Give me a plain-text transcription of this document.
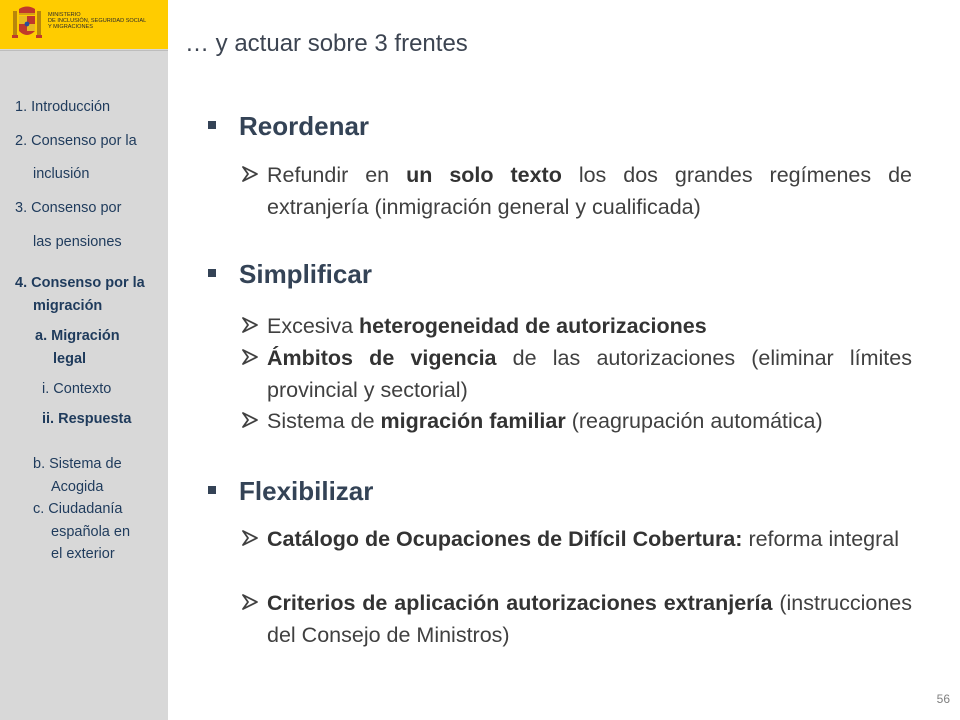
MINISTERIO
DE INCLUSIÓN, SEGURIDAD SOCIAL
Y MIGRACIONES
1. Introducción
2. Consenso por la
inclusión
3. Consenso por
las pensiones
4. Consenso por la
migración
a. Migración
legal
i. Contexto
ii. Respuesta
b. Sistema de
Acogida
c. Ciudadanía
española en
el exterior
… y actuar sobre 3 frentes
Reordenar
Refundir en un solo texto los dos grandes regímenes de extranjería (inmigración general y cualificada)
Simplificar
Excesiva heterogeneidad de autorizaciones
Ámbitos de vigencia de las autorizaciones (eliminar límites provincial y sectorial)
Sistema de migración familiar (reagrupación automática)
Flexibilizar
Catálogo de Ocupaciones de Difícil Cobertura: reforma integral
Criterios de aplicación autorizaciones extranjería (instrucciones del Consejo de Ministros)
56
